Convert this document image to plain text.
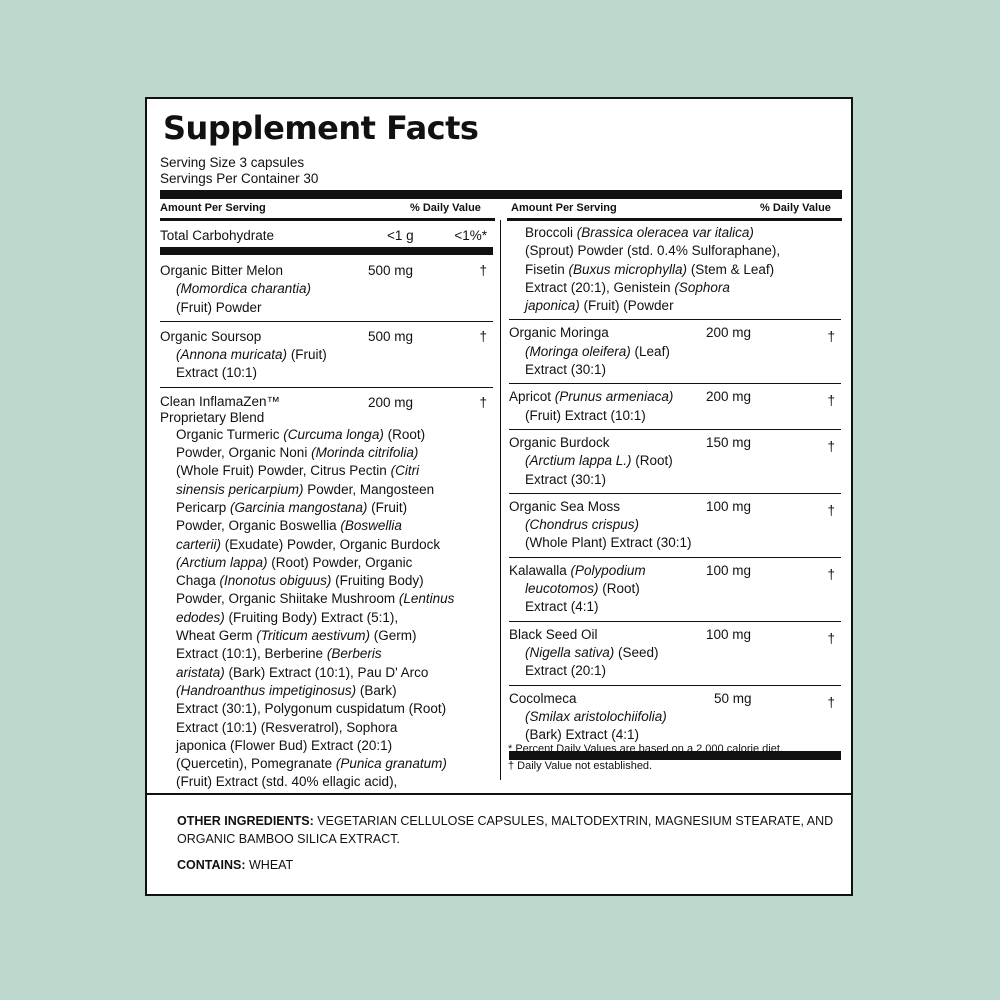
Supplement Facts
Serving Size 3 capsules
Servings Per Container 30
Amount Per Serving	% Daily Value	Amount Per Serving	% Daily Value
Total Carbohydrate	<1 g	<1%*
Organic Bitter Melon
(Momordica charantia)
(Fruit) Powder
500 mg	†
Organic Soursop
(Annona muricata) (Fruit)
Extract (10:1)
500 mg	†
Clean InflamaZen™
Proprietary Blend
200 mg	†
Organic Turmeric (Curcuma longa) (Root)
Powder, Organic Noni (Morinda citrifolia)
(Whole Fruit) Powder, Citrus Pectin (Citri
sinensis pericarpium) Powder, Mangosteen
Pericarp (Garcinia mangostana) (Fruit)
Powder, Organic Boswellia (Boswellia
carterii) (Exudate) Powder, Organic Burdock
(Arctium lappa) (Root) Powder, Organic
Chaga (Inonotus obiguus) (Fruiting Body)
Powder, Organic Shiitake Mushroom (Lentinus
edodes) (Fruiting Body) Extract (5:1),
Wheat Germ (Triticum aestivum) (Germ)
Extract (10:1), Berberine (Berberis
aristata) (Bark) Extract (10:1), Pau D' Arco
(Handroanthus impetiginosus) (Bark)
Extract (30:1), Polygonum cuspidatum (Root)
Extract (10:1) (Resveratrol), Sophora
japonica (Flower Bud) Extract (20:1)
(Quercetin), Pomegranate (Punica granatum)
(Fruit) Extract (std. 40% ellagic acid),
Broccoli (Brassica oleracea var italica)
(Sprout) Powder (std. 0.4% Sulforaphane),
Fisetin (Buxus microphylla) (Stem & Leaf)
Extract (20:1), Genistein (Sophora
japonica) (Fruit) (Powder
Organic Moringa
(Moringa oleifera) (Leaf)
Extract (30:1)
200 mg	†
Apricot (Prunus armeniaca)
(Fruit) Extract (10:1)
200 mg	†
Organic Burdock
(Arctium lappa L.) (Root)
Extract (30:1)
150 mg	†
Organic Sea Moss
(Chondrus crispus)
(Whole Plant) Extract (30:1)
100 mg	†
Kalawalla (Polypodium
leucotomos) (Root)
Extract (4:1)
100 mg	†
Black Seed Oil
(Nigella sativa) (Seed)
Extract (20:1)
100 mg	†
Cocolmeca
(Smilax aristolochiifolia)
(Bark) Extract (4:1)
50 mg	†
* Percent Daily Values are based on a 2,000 calorie diet.
† Daily Value not established.
OTHER INGREDIENTS: VEGETARIAN CELLULOSE CAPSULES, MALTODEXTRIN, MAGNESIUM STEARATE, AND ORGANIC BAMBOO SILICA EXTRACT.
CONTAINS: WHEAT
